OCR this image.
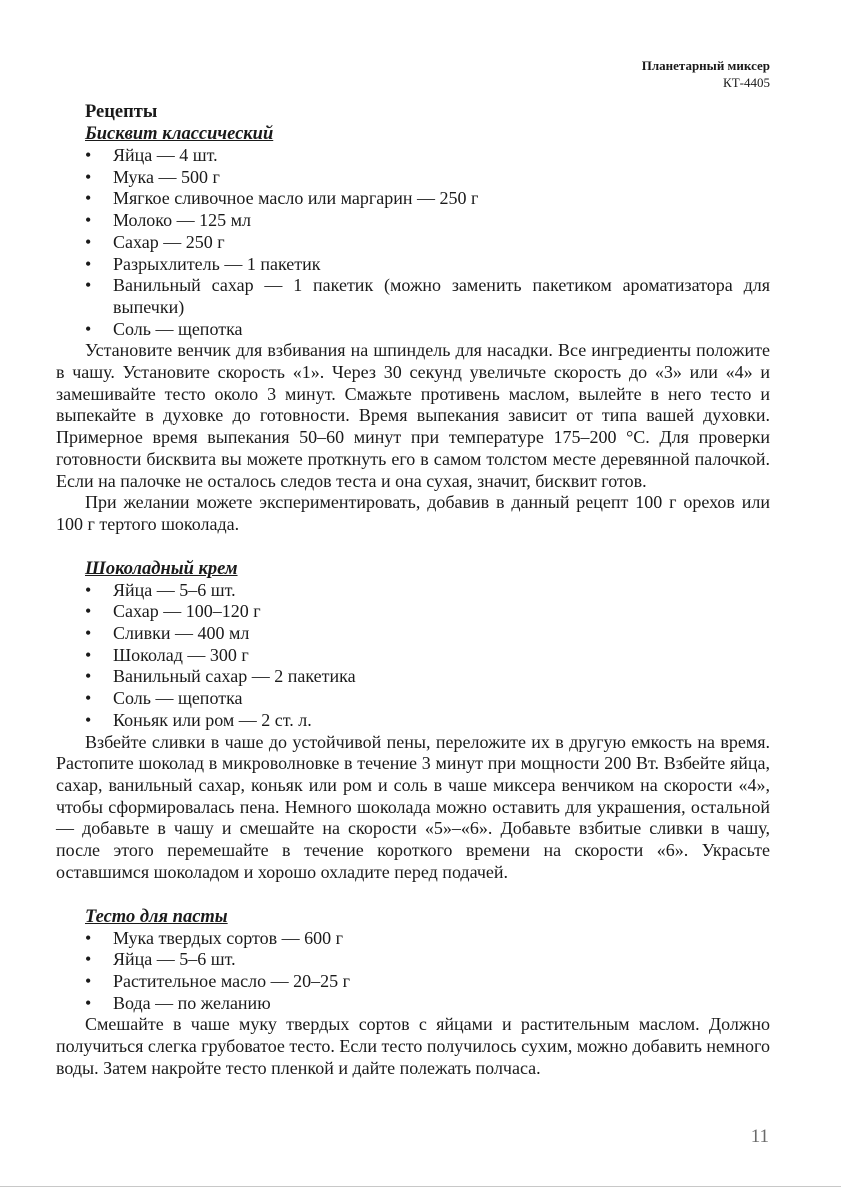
Планетарный миксер
КТ-4405
Рецепты
Бисквит классический
• Яйца — 4 шт.
• Мука — 500 г
• Мягкое сливочное масло или маргарин — 250 г
• Молоко — 125 мл
• Сахар — 250 г
• Разрыхлитель — 1 пакетик
• Ванильный сахар — 1 пакетик (можно заменить пакетиком ароматизатора для выпечки)
• Соль — щепотка

Установите венчик для взбивания на шпиндель для насадки. Все ингредиенты положите в чашу. Установите скорость «1». Через 30 секунд увеличьте скорость до «3» или «4» и замешивайте тесто около 3 минут. Смажьте противень маслом, вылейте в него тесто и выпекайте в духовке до готовности. Время выпекания зависит от типа вашей духовки. Примерное время выпекания 50–60 минут при температуре 175–200 °С. Для проверки готовности бисквита вы можете проткнуть его в самом толстом месте деревянной палочкой. Если на палочке не осталось следов теста и она сухая, значит, бисквит готов.

При желании можете экспериментировать, добавив в данный рецепт 100 г орехов или 100 г тертого шоколада.

Шоколадный крем
• Яйца — 5–6 шт.
• Сахар — 100–120 г
• Сливки — 400 мл
• Шоколад — 300 г
• Ванильный сахар — 2 пакетика
• Соль — щепотка
• Коньяк или ром — 2 ст. л.

Взбейте сливки в чаше до устойчивой пены, переложите их в другую емкость на время. Растопите шоколад в микроволновке в течение 3 минут при мощности 200 Вт. Взбейте яйца, сахар, ванильный сахар, коньяк или ром и соль в чаше миксера венчиком на скорости «4», чтобы сформировалась пена. Немного шоколада можно оставить для украшения, остальной — добавьте в чашу и смешайте на скорости «5»–«6». Добавьте взбитые сливки в чашу, после этого перемешайте в течение короткого времени на скорости «6». Украсьте оставшимся шоколадом и хорошо охладите перед подачей.

Тесто для пасты
• Мука твердых сортов — 600 г
• Яйца — 5–6 шт.
• Растительное масло — 20–25 г
• Вода — по желанию

Смешайте в чаше муку твердых сортов с яйцами и растительным маслом. Должно получиться слегка грубоватое тесто. Если тесто получилось сухим, можно добавить немного воды. Затем накройте тесто пленкой и дайте полежать полчаса.

11
